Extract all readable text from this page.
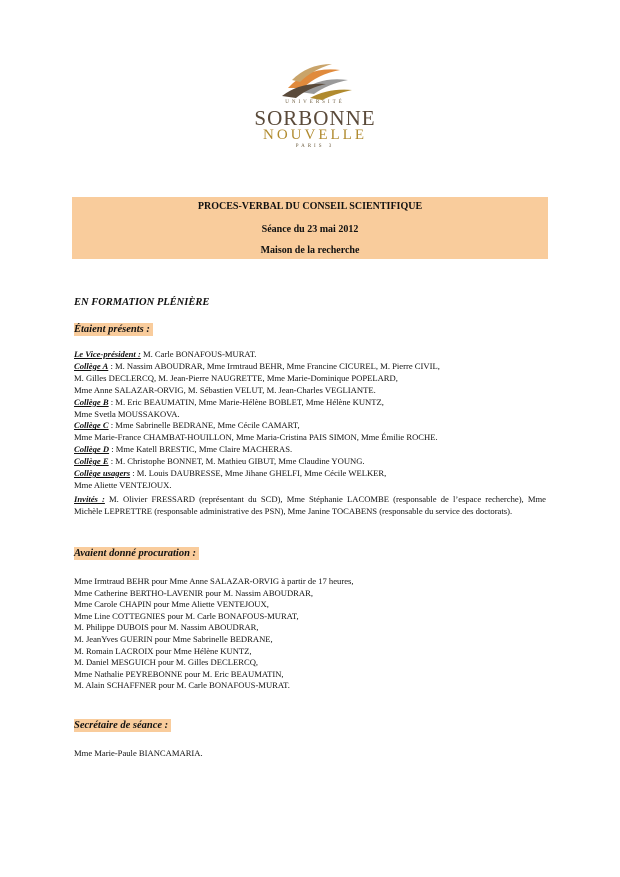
UNIVERSITÉ
SORBONNE
NOUVELLE
PARIS 3
PROCES-VERBAL DU CONSEIL SCIENTIFIQUE
Séance du 23 mai 2012
Maison de la recherche
EN FORMATION PLÉNIÈRE
Étaient présents :
Le Vice-président : M. Carle BONAFOUS-MURAT.
Collège A : M. Nassim ABOUDRAR, Mme Irmtraud BEHR, Mme Francine CICUREL, M. Pierre CIVIL,
M. Gilles DECLERCQ, M. Jean-Pierre NAUGRETTE, Mme Marie-Dominique POPELARD,
Mme Anne SALAZAR-ORVIG, M. Sébastien VELUT, M. Jean-Charles VEGLIANTE.
Collège B : M. Eric BEAUMATIN, Mme Marie-Hélène BOBLET, Mme Hélène KUNTZ,
Mme Svetla MOUSSAKOVA.
Collège C : Mme Sabrinelle BEDRANE, Mme Cécile CAMART,
Mme Marie-France CHAMBAT-HOUILLON, Mme Maria-Cristina PAIS SIMON, Mme Émilie ROCHE.
Collège D : Mme Katell BRESTIC, Mme Claire MACHERAS.
Collège E : M. Christophe BONNET, M. Mathieu GIBUT, Mme Claudine YOUNG.
Collège usagers : M. Louis DAUBRESSE, Mme Jihane GHELFI, Mme Cécile WELKER,
Mme Aliette VENTEJOUX.
Invités : M. Olivier FRESSARD (représentant du SCD), Mme Stéphanie LACOMBE (responsable de l’espace recherche), Mme Michèle LEPRETTRE (responsable administrative des PSN), Mme Janine TOCABENS (responsable du service des doctorats).
Avaient donné procuration :
Mme Irmtraud BEHR pour Mme Anne SALAZAR-ORVIG à partir de 17 heures,
Mme Catherine BERTHO-LAVENIR pour M. Nassim ABOUDRAR,
Mme Carole CHAPIN pour Mme Aliette VENTEJOUX,
Mme Line COTTEGNIES pour M. Carle BONAFOUS-MURAT,
M. Philippe DUBOIS pour M. Nassim ABOUDRAR,
M. JeanYves GUERIN pour Mme Sabrinelle BEDRANE,
M. Romain LACROIX pour Mme Hélène KUNTZ,
M. Daniel MESGUICH pour M. Gilles DECLERCQ,
Mme Nathalie PEYREBONNE pour M. Eric BEAUMATIN,
M. Alain SCHAFFNER pour M. Carle BONAFOUS-MURAT.
Secrétaire de séance :
Mme Marie-Paule BIANCAMARIA.
